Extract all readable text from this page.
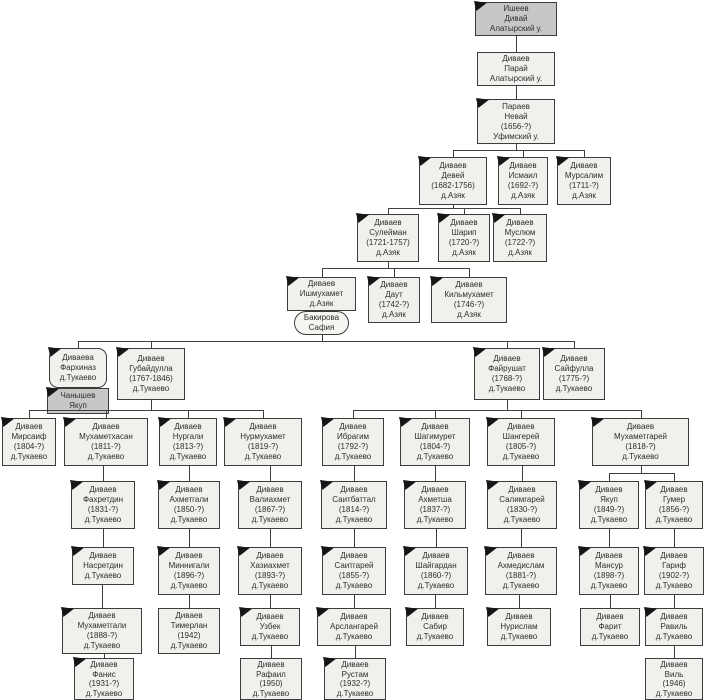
Ишеев
Дивай
Алатырский у.
Диваев
Парай
Алатырский у.
Параев
Невай
(1656-?)
Уфимский у.
Диваев
Девей
(1682-1756)
д.Азяк
Диваев
Исмаил
(1692-?)
д.Азяк
Диваев
Мурсалим
(1711-?)
д.Азяк
Диваев
Сулейман
(1721-1757)
д.Азяк
Диваев
Шарип
(1720-?)
д.Азяк
Диваев
Муслюм
(1722-?)
д.Азяк
Диваев
Ишмухамет
д.Азяк
Бакирова
Сафия
Диваев
Даут
(1742-?)
д.Азяк
Диваев
Кильмухамет
(1746-?)
д.Азяк
Диваева
Фархиназ
д.Тукаево
Чанышев
Якуп
Диваев
Губайдулла
(1767-1846)
д.Тукаево
Диваев
Файрушат
(1768-?)
д.Тукаево
Диваев
Сайфулла
(1775-?)
д.Тукаево
Диваев
Мирсаиф
(1804-?)
д.Тукаево
Диваев
Мухаметхасан
(1811-?)
д.Тукаево
Диваев
Нургали
(1813-?)
д.Тукаево
Диваев
Нурмухамет
(1819-?)
д.Тукаево
Диваев
Ибрагим
(1792-?)
д.Тукаево
Диваев
Шагимурет
(1804-?)
д.Тукаево
Диваев
Шангерей
(1805-?)
д.Тукаево
Диваев
Мухаметгарей
(1818-?)
д.Тукаево
Диваев
Фахретдин
(1831-?)
д.Тукаево
Диваев
Ахметгали
(1850-?)
д.Тукаево
Диваев
Валиахмет
(1867-?)
д.Тукаево
Диваев
Саитбаттал
(1814-?)
д.Тукаево
Диваев
Ахметша
(1837-?)
д.Тукаево
Диваев
Салимгарей
(1830-?)
д.Тукаево
Диваев
Якуп
(1849-?)
д.Тукаево
Диваев
Гумер
(1856-?)
д.Тукаево
Диваев
Насретдин
д.Тукаево
Диваев
Миннигали
(1896-?)
д.Тукаево
Диваев
Хазиахмет
(1893-?)
д.Тукаево
Диваев
Саитгарей
(1855-?)
д.Тукаево
Диваев
Шайгардан
(1860-?)
д.Тукаево
Диваев
Ахмедислам
(1881-?)
д.Тукаево
Диваев
Мансур
(1898-?)
д.Тукаево
Диваев
Гариф
(1902-?)
д.Тукаево
Диваев
Мухаметгали
(1888-?)
д.Тукаево
Диваев
Тимерлан
(1942)
д.Тукаево
Диваев
Узбек
д.Тукаево
Диваев
Арслангарей
д.Тукаево
Диваев
Сабир
д.Тукаево
Диваев
Нурислам
д.Тукаево
Диваев
Фарит
д.Тукаево
Диваев
Равиль
д.Тукаево
Диваев
Фанис
(1931-?)
д.Тукаево
Диваев
Рафаил
(1950)
д.Тукаево
Диваев
Рустам
(1932-?)
д.Тукаево
Диваев
Виль
(1946)
д.Тукаево
